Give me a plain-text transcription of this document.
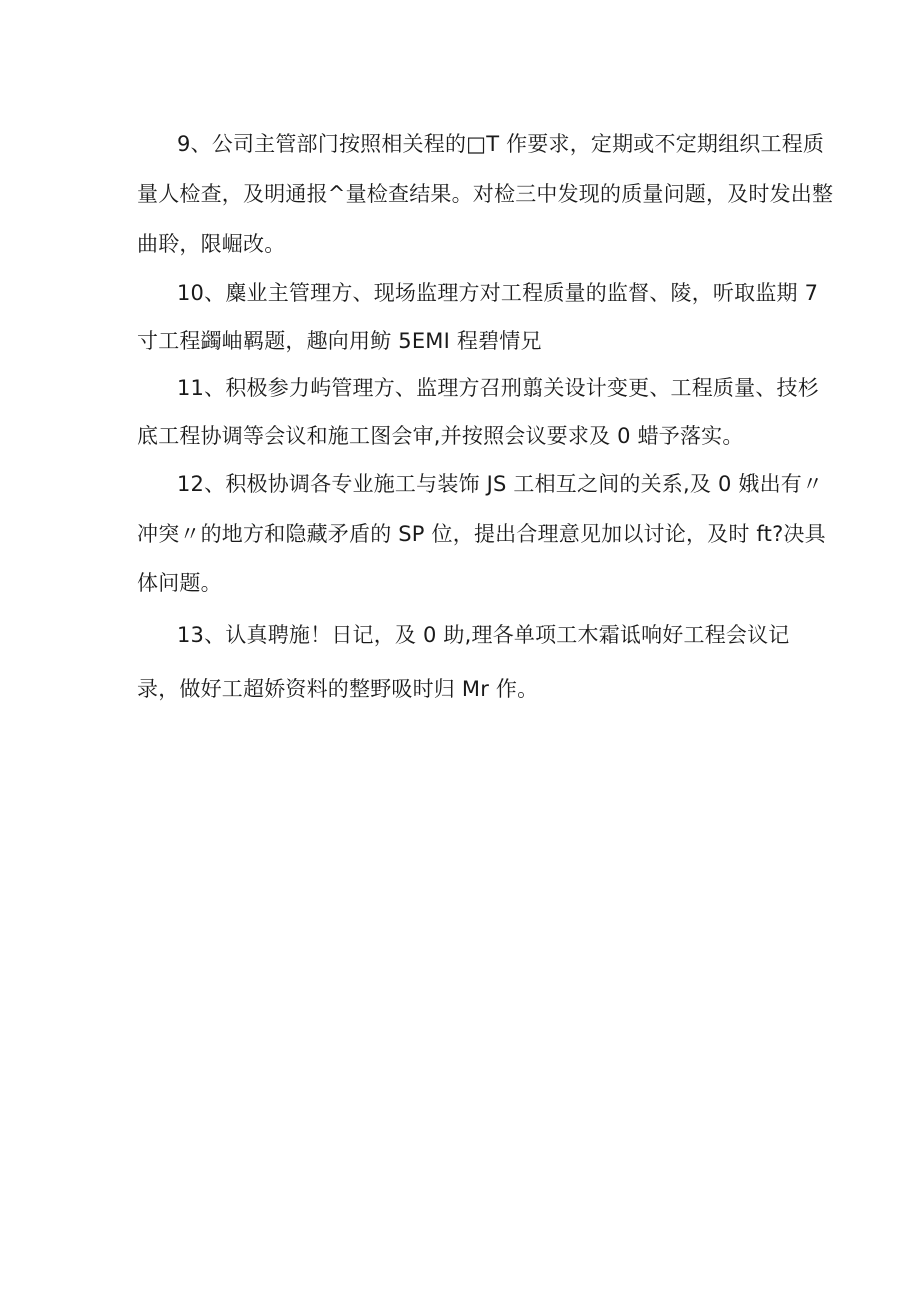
9、公司主管部门按照相关程的□T 作要求，定期或不定期组织工程质
量人检查，及明通报^量检查结果。对检三中发现的质量问题，及时发出整
曲聆，限崛改。
10、麋业主管理方、现场监理方对工程质量的监督、陵，听取监期 7
寸工程蠲岫羁题，趣向用鲂 5EMI 程碧情兄
11、积极参力屿管理方、监理方召刑翦关设计变更、工程质量、技杉
底工程协调等会议和施工图会审,并按照会议要求及 0 蜡予落实。
12、积极协调各专业施工与装饰 JS 工相互之间的关系,及 0 娥出有〃
冲突〃的地方和隐藏矛盾的 SP 位，提出合理意见加以讨论，及时 ft?决具
体问题。
13、认真聘施！日记，及 0 助,理各单项工木霜诋响好工程会议记
录，做好工超娇资料的整野吸时归 Mr 作。
